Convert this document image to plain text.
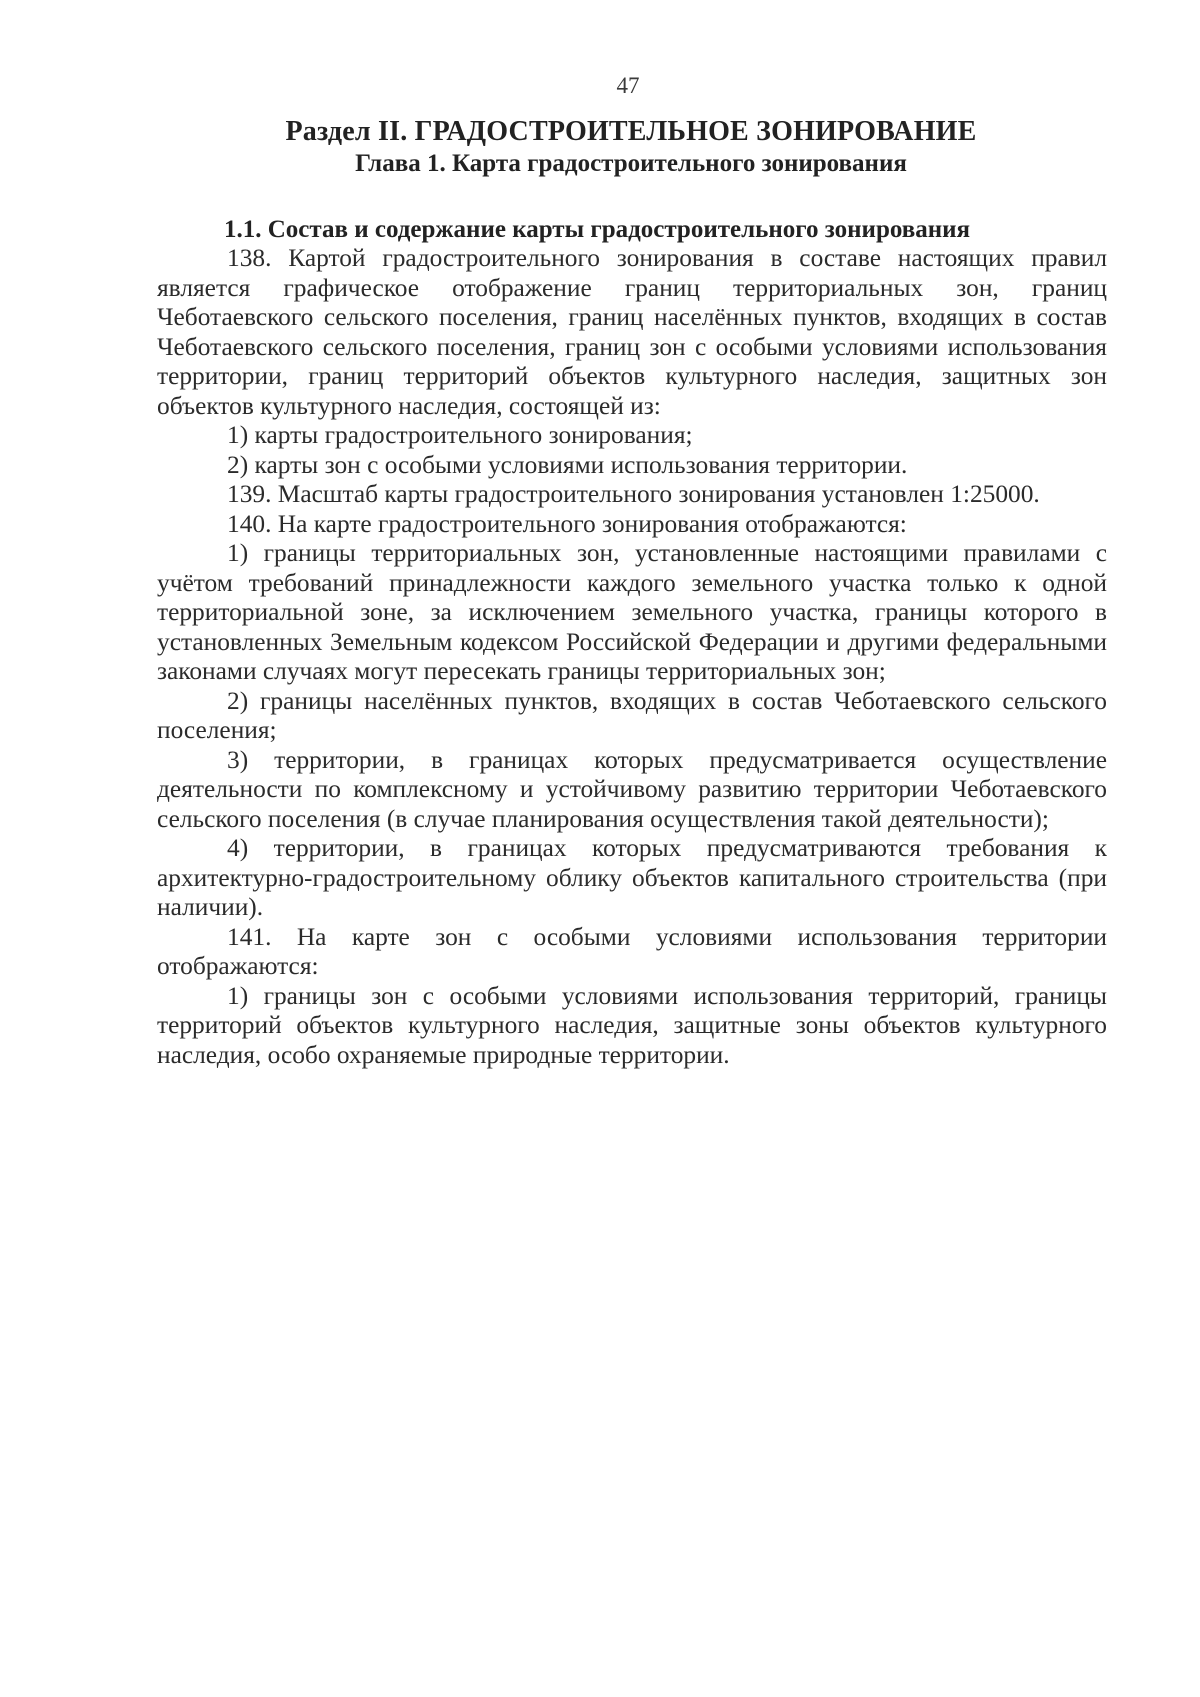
47
Раздел II. ГРАДОСТРОИТЕЛЬНОЕ ЗОНИРОВАНИЕ
Глава 1. Карта градостроительного зонирования
1.1. Состав и содержание карты градостроительного зонирования

138. Картой градостроительного зонирования в составе настоящих правил является графическое отображение границ территориальных зон, границ Чеботаевского сельского поселения, границ населённых пунктов, входящих в состав Чеботаевского сельского поселения, границ зон с особыми условиями использования территории, границ территорий объектов культурного наследия, защитных зон объектов культурного наследия, состоящей из:

1) карты градостроительного зонирования;

2) карты зон с особыми условиями использования территории.

139. Масштаб карты градостроительного зонирования установлен 1:25000.

140. На карте градостроительного зонирования отображаются:

1) границы территориальных зон, установленные настоящими правилами с учётом требований принадлежности каждого земельного участка только к одной территориальной зоне, за исключением земельного участка, границы которого в установленных Земельным кодексом Российской Федерации и другими федеральными законами случаях могут пересекать границы территориальных зон;

2) границы населённых пунктов, входящих в состав Чеботаевского сельского поселения;

3) территории, в границах которых предусматривается осуществление деятельности по комплексному и устойчивому развитию территории Чеботаевского сельского поселения (в случае планирования осуществления такой деятельности);

4) территории, в границах которых предусматриваются требования к архитектурно-градостроительному облику объектов капитального строительства (при наличии).

141. На карте зон с особыми условиями использования территории отображаются:

1) границы зон с особыми условиями использования территорий, границы территорий объектов культурного наследия, защитные зоны объектов культурного наследия, особо охраняемые природные территории.
